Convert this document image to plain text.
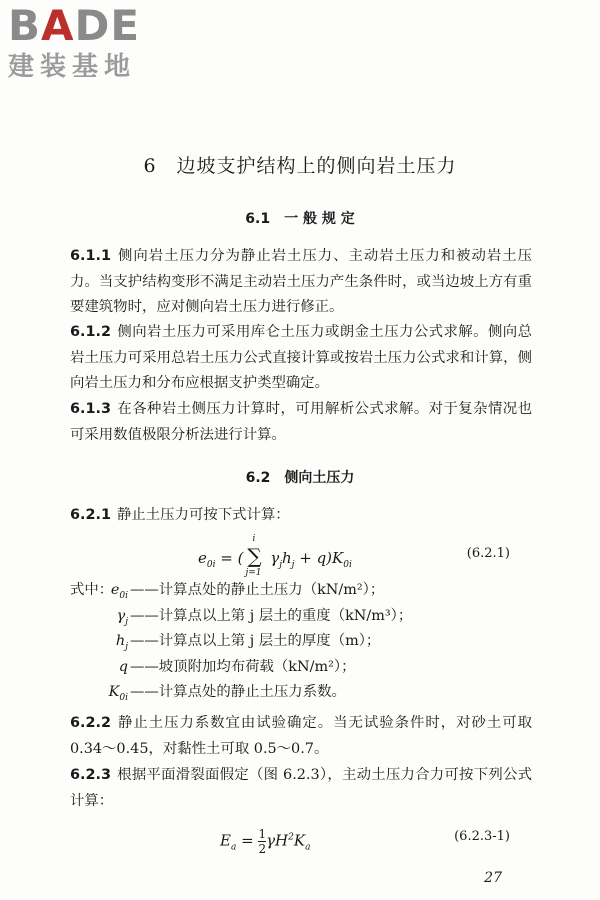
BADE
建装基地
6　边坡支护结构上的侧向岩土压力
6.1　一 般 规 定
6.1.1 侧向岩土压力分为静止岩土压力、主动岩土压力和被动岩土压力。当支护结构变形不满足主动岩土压力产生条件时，或当边坡上方有重要建筑物时，应对侧向岩土压力进行修正。
6.1.2 侧向岩土压力可采用库仑土压力或朗金土压力公式求解。侧向总岩土压力可采用总岩土压力公式直接计算或按岩土压力公式求和计算，侧向岩土压力和分布应根据支护类型确定。
6.1.3 在各种岩土侧压力计算时，可用解析公式求解。对于复杂情况也可采用数值极限分析法进行计算。
6.2　侧向土压力
6.2.1 静止土压力可按下式计算：
$e_{0i}$ = ( ∑
i
j=1
$\gamma_jh_j + q)K_{0i}$
(6.2.1)
式中：
$e_{0i}$ ——计算点处的静止土压力（kN/m²）；
$\gamma_j$ ——计算点以上第 j 层土的重度（kN/m³）；
$h_j$ ——计算点以上第 j 层土的厚度（m）；
q ——坡顶附加均布荷载（kN/m²）；
$K_{0i}$ ——计算点处的静止土压力系数。
6.2.2 静止土压力系数宜由试验确定。当无试验条件时，对砂土可取 0.34～0.45，对黏性土可取 0.5～0.7。
6.2.3 根据平面滑裂面假定（图 6.2.3），主动土压力合力可按下列公式计算：
$E_a = \frac{1}{2} \gamma H^2K_a$
(6.2.3-1)
27
